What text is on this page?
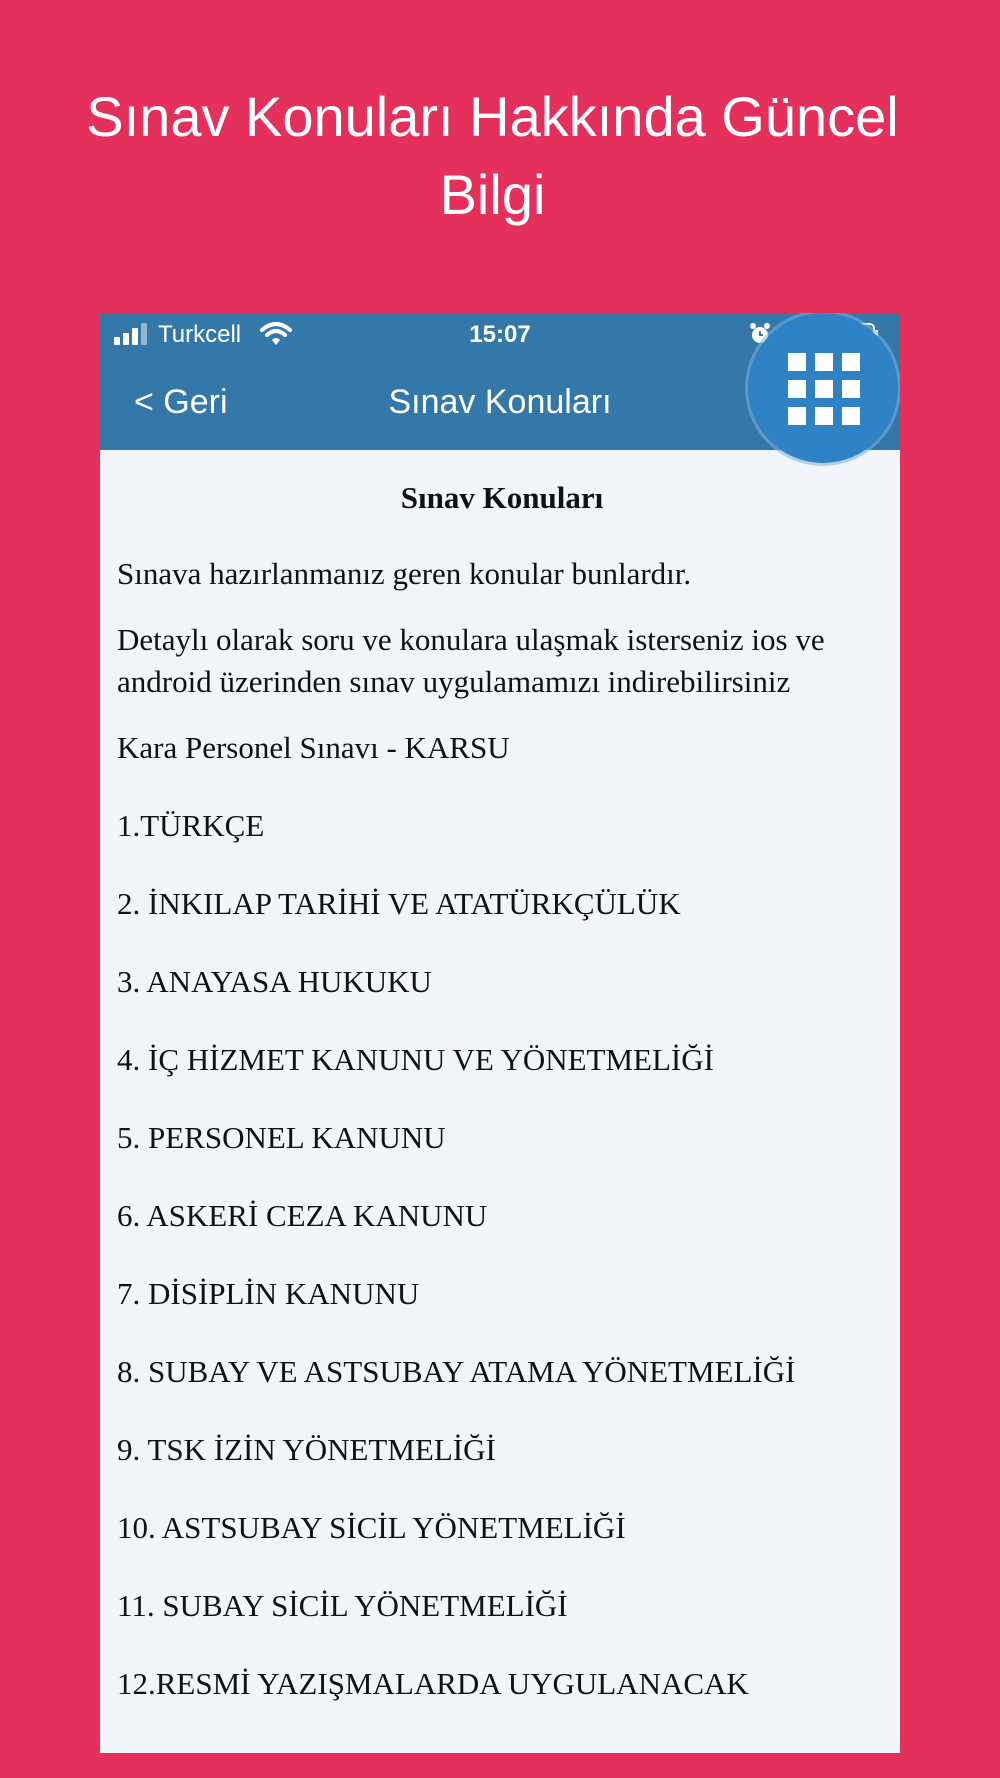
Sınav Konuları Hakkında Güncel
Bilgi
Turkcell	15:07
< Geri	Sınav Konuları
Sınav Konuları

Sınava hazırlanmanız geren konular bunlardır.

Detaylı olarak soru ve konulara ulaşmak isterseniz ios ve android üzerinden sınav uygulamamızı indirebilirsiniz

Kara Personel Sınavı - KARSU

1.TÜRKÇE

2. İNKILAP TARİHİ VE ATATÜRKÇÜLÜK

3. ANAYASA HUKUKU

4. İÇ HİZMET KANUNU VE YÖNETMELİĞİ

5. PERSONEL KANUNU

6. ASKERİ CEZA KANUNU

7. DİSİPLİN KANUNU

8. SUBAY VE ASTSUBAY ATAMA YÖNETMELİĞİ

9. TSK İZİN YÖNETMELİĞİ

10. ASTSUBAY SİCİL YÖNETMELİĞİ

11. SUBAY SİCİL YÖNETMELİĞİ

12.RESMİ YAZIŞMALARDA UYGULANACAK
